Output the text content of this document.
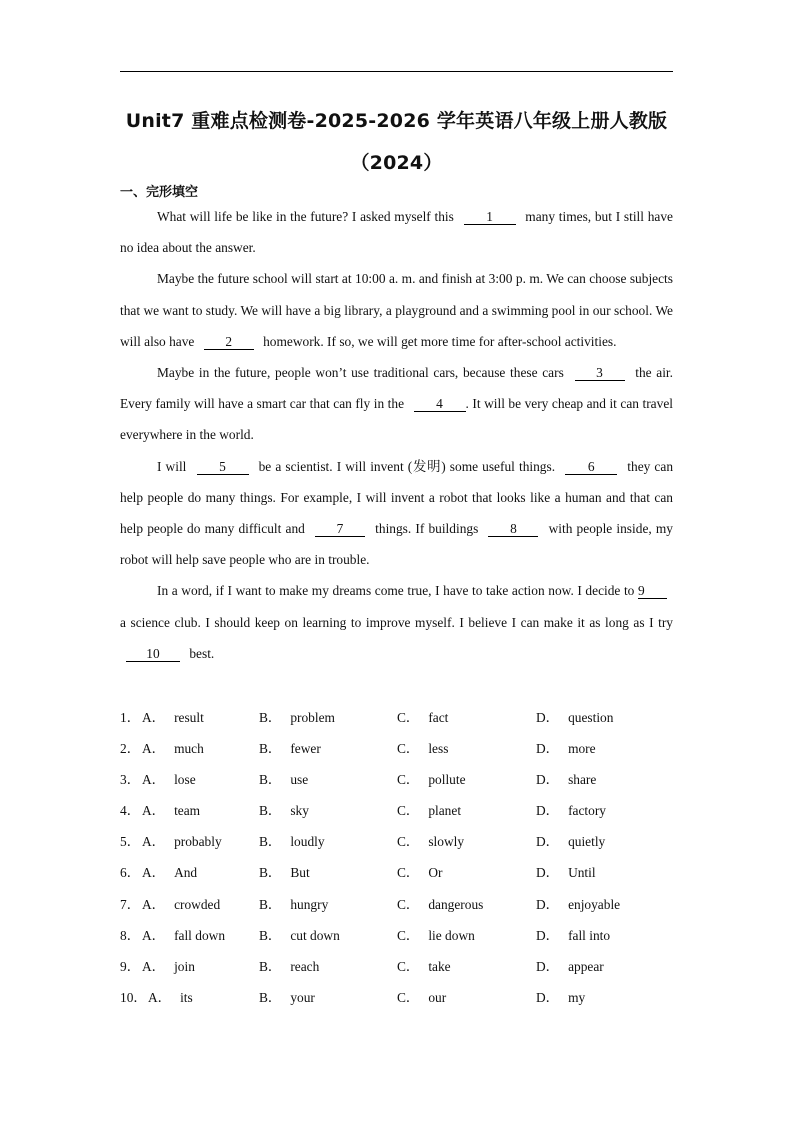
Unit7 重难点检测卷-2025-2026 学年英语八年级上册人教版
（2024）
一、完形填空

What will life be like in the future? I asked myself this 1 many times, but I still have no idea about the answer.

Maybe the future school will start at 10:00 a. m. and finish at 3:00 p. m. We can choose subjects that we want to study. We will have a big library, a playground and a swimming pool in our school. We will also have 2 homework. If so, we will get more time for after-school activities.

Maybe in the future, people won’t use traditional cars, because these cars 3 the air. Every family will have a smart car that can fly in the 4 . It will be very cheap and it can travel everywhere in the world.

I will 5 be a scientist. I will invent (发明) some useful things. 6 they can help people do many things. For example, I will invent a robot that looks like a human and that can help people do many difficult and 7 things. If buildings 8 with people inside, my robot will help save people who are in trouble.

In a word, if I want to make my dreams come true, I have to take action now. I decide to 9 a science club. I should keep on learning to improve myself. I believe I can make it as long as I try 10 best.

1． A． result	B． problem	C． fact	D． question
2． A． much	B． fewer	C． less	D． more
3． A． lose	B． use	C． pollute	D． share
4． A． team	B． sky	C． planet	D． factory
5． A． probably	B． loudly	C． slowly	D． quietly
6． A． And	B． But	C． Or	D． Until
7． A． crowded	B． hungry	C． dangerous	D． enjoyable
8． A． fall down	B． cut down	C． lie down	D． fall into
9． A． join	B． reach	C． take	D． appear
10． A． its	B． your	C． our	D． my
